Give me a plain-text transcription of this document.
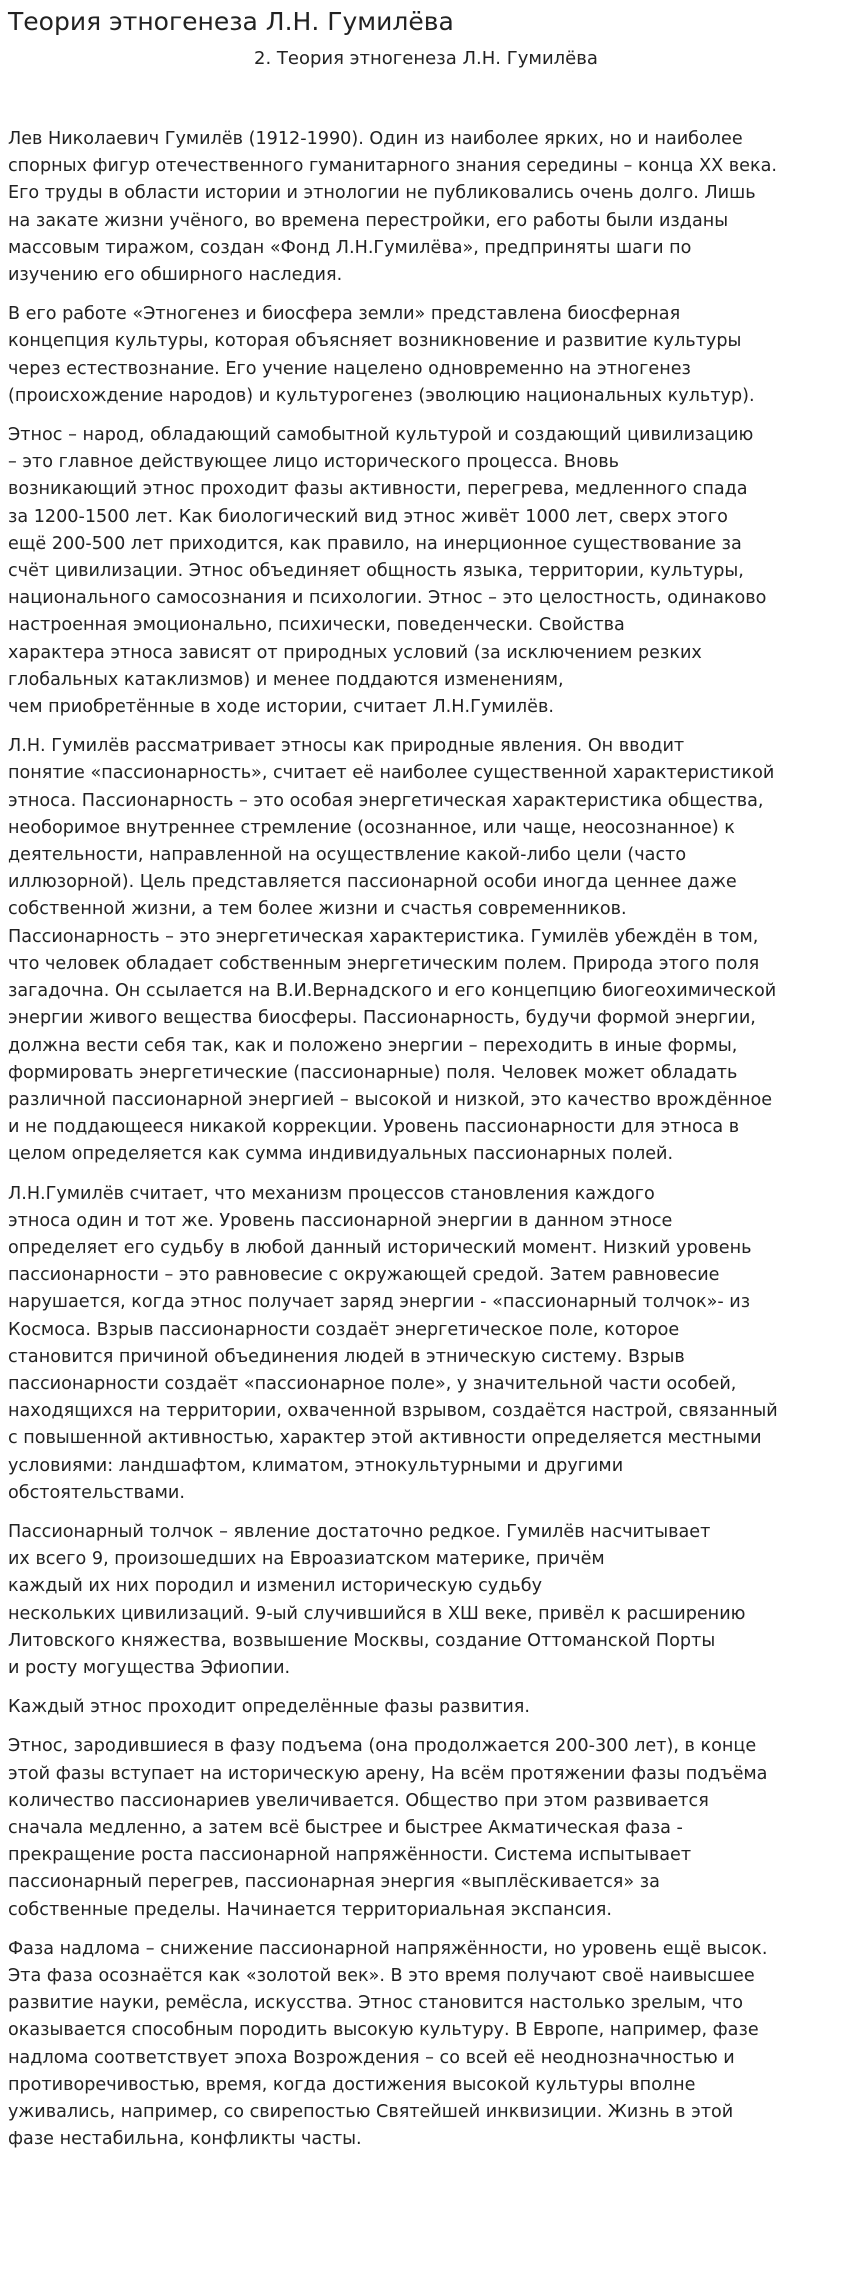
Теория этногенеза Л.Н. Гумилёва
2. Теория этногенеза Л.Н. Гумилёва

Лев Николаевич Гумилёв (1912-1990). Один из наиболее ярких, но и наиболее
спорных фигур отечественного гуманитарного знания середины – конца XX века.
Его труды в области истории и этнологии не публиковались очень долго. Лишь
на закате жизни учёного, во времена перестройки, его работы были изданы
массовым тиражом, создан «Фонд Л.Н.Гумилёва», предприняты шаги по
изучению его обширного наследия.

В его работе «Этногенез и биосфера земли» представлена биосферная
концепция культуры, которая объясняет возникновение и развитие культуры
через естествознание. Его учение нацелено одновременно на этногенез
(происхождение народов) и культурогенез (эволюцию национальных культур).

Этнос – народ, обладающий самобытной культурой и создающий цивилизацию
– это главное действующее лицо исторического процесса. Вновь
возникающий этнос проходит фазы активности, перегрева, медленного спада
за 1200-1500 лет. Как биологический вид этнос живёт 1000 лет, сверх этого
ещё 200-500 лет приходится, как правило, на инерционное существование за
счёт цивилизации. Этнос объединяет общность языка, территории, культуры,
национального самосознания и психологии. Этнос – это целостность, одинаково
настроенная эмоционально, психически, поведенчески. Свойства
характера этноса зависят от природных условий (за исключением резких
глобальных катаклизмов) и менее поддаются изменениям,
чем приобретённые в ходе истории, считает Л.Н.Гумилёв.

Л.Н. Гумилёв рассматривает этносы как природные явления. Он вводит
понятие «пассионарность», считает её наиболее существенной характеристикой
этноса. Пассионарность – это особая энергетическая характеристика общества,
необоримое внутреннее стремление (осознанное, или чаще, неосознанное) к
деятельности, направленной на осуществление какой-либо цели (часто
иллюзорной). Цель представляется пассионарной особи иногда ценнее даже
собственной жизни, а тем более жизни и счастья современников.
Пассионарность – это энергетическая характеристика. Гумилёв убеждён в том,
что человек обладает собственным энергетическим полем. Природа этого поля
загадочна. Он ссылается на В.И.Вернадского и его концепцию биогеохимической
энергии живого вещества биосферы. Пассионарность, будучи формой энергии,
должна вести себя так, как и положено энергии – переходить в иные формы,
формировать энергетические (пассионарные) поля. Человек может обладать
различной пассионарной энергией – высокой и низкой, это качество врождённое
и не поддающееся никакой коррекции. Уровень пассионарности для этноса в
целом определяется как сумма индивидуальных пассионарных полей.

Л.Н.Гумилёв считает, что механизм процессов становления каждого
этноса один и тот же. Уровень пассионарной энергии в данном этносе
определяет его судьбу в любой данный исторический момент. Низкий уровень
пассионарности – это равновесие с окружающей средой. Затем равновесие
нарушается, когда этнос получает заряд энергии - «пассионарный толчок»- из
Космоса. Взрыв пассионарности создаёт энергетическое поле, которое
становится причиной объединения людей в этническую систему. Взрыв
пассионарности создаёт «пассионарное поле», у значительной части особей,
находящихся на территории, охваченной взрывом, создаётся настрой, связанный
с повышенной активностью, характер этой активности определяется местными
условиями: ландшафтом, климатом, этнокультурными и другими
обстоятельствами.

Пассионарный толчок – явление достаточно редкое. Гумилёв насчитывает
их всего 9, произошедших на Евроазиатском материке, причём
каждый их них породил и изменил историческую судьбу
нескольких цивилизаций. 9-ый случившийся в ХШ веке, привёл к расширению
Литовского княжества, возвышение Москвы, создание Оттоманской Порты
и росту могущества Эфиопии.

Каждый этнос проходит определённые фазы развития.

Этнос, зародившиеся в фазу подъема (она продолжается 200-300 лет), в конце
этой фазы вступает на историческую арену, На всём протяжении фазы подъёма
количество пассионариев увеличивается. Общество при этом развивается
сначала медленно, а затем всё быстрее и быстрее Акматическая фаза -
прекращение роста пассионарной напряжённости. Система испытывает
пассионарный перегрев, пассионарная энергия «выплёскивается» за
собственные пределы. Начинается территориальная экспансия.

Фаза надлома – снижение пассионарной напряжённости, но уровень ещё высок.
Эта фаза осознаётся как «золотой век». В это время получают своё наивысшее
развитие науки, ремёсла, искусства. Этнос становится настолько зрелым, что
оказывается способным породить высокую культуру. В Европе, например, фазе
надлома соответствует эпоха Возрождения – со всей её неоднозначностью и
противоречивостью, время, когда достижения высокой культуры вполне
уживались, например, со свирепостью Святейшей инквизиции. Жизнь в этой
фазе нестабильна, конфликты часты.
